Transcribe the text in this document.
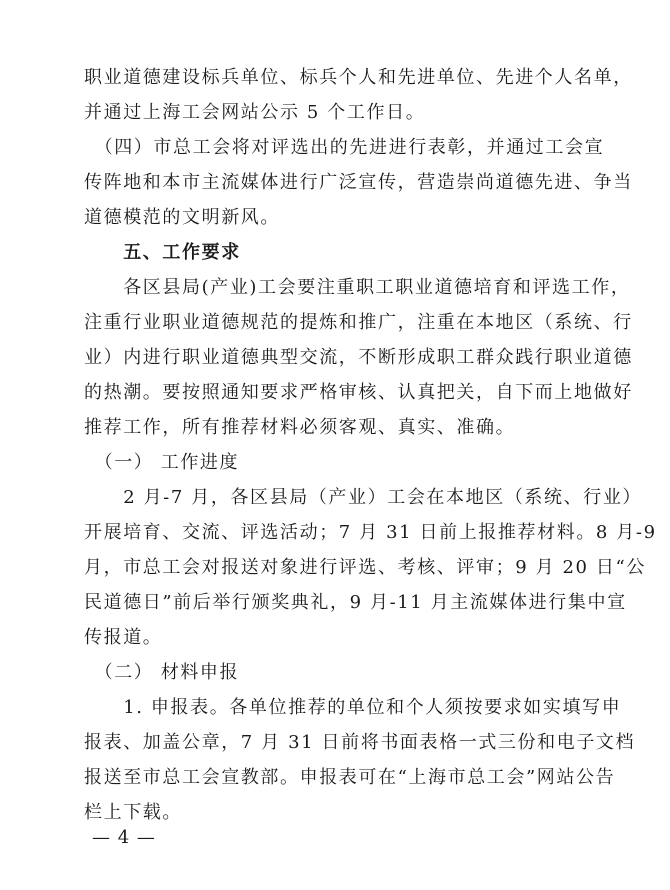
职业道德建设标兵单位、标兵个人和先进单位、先进个人名单，
并通过上海工会网站公示 5 个工作日。
　（四）市总工会将对评选出的先进进行表彰，并通过工会宣
传阵地和本市主流媒体进行广泛宣传，营造崇尚道德先进、争当
道德模范的文明新风。
　　五、工作要求
　　各区县局(产业)工会要注重职工职业道德培育和评选工作，
注重行业职业道德规范的提炼和推广，注重在本地区（系统、行
业）内进行职业道德典型交流，不断形成职工群众践行职业道德
的热潮。要按照通知要求严格审核、认真把关，自下而上地做好
推荐工作，所有推荐材料必须客观、真实、准确。
　（一） 工作进度
　　2 月-7 月，各区县局（产业）工会在本地区（系统、行业）
开展培育、交流、评选活动；7 月 31 日前上报推荐材料。8 月-9
月，市总工会对报送对象进行评选、考核、评审；9 月 20 日“公
民道德日”前后举行颁奖典礼，9 月-11 月主流媒体进行集中宣
传报道。
　（二） 材料申报
　　1. 申报表。各单位推荐的单位和个人须按要求如实填写申
报表、加盖公章，7 月 31 日前将书面表格一式三份和电子文档
报送至市总工会宣教部。申报表可在“上海市总工会”网站公告
栏上下载。
— 4 —
